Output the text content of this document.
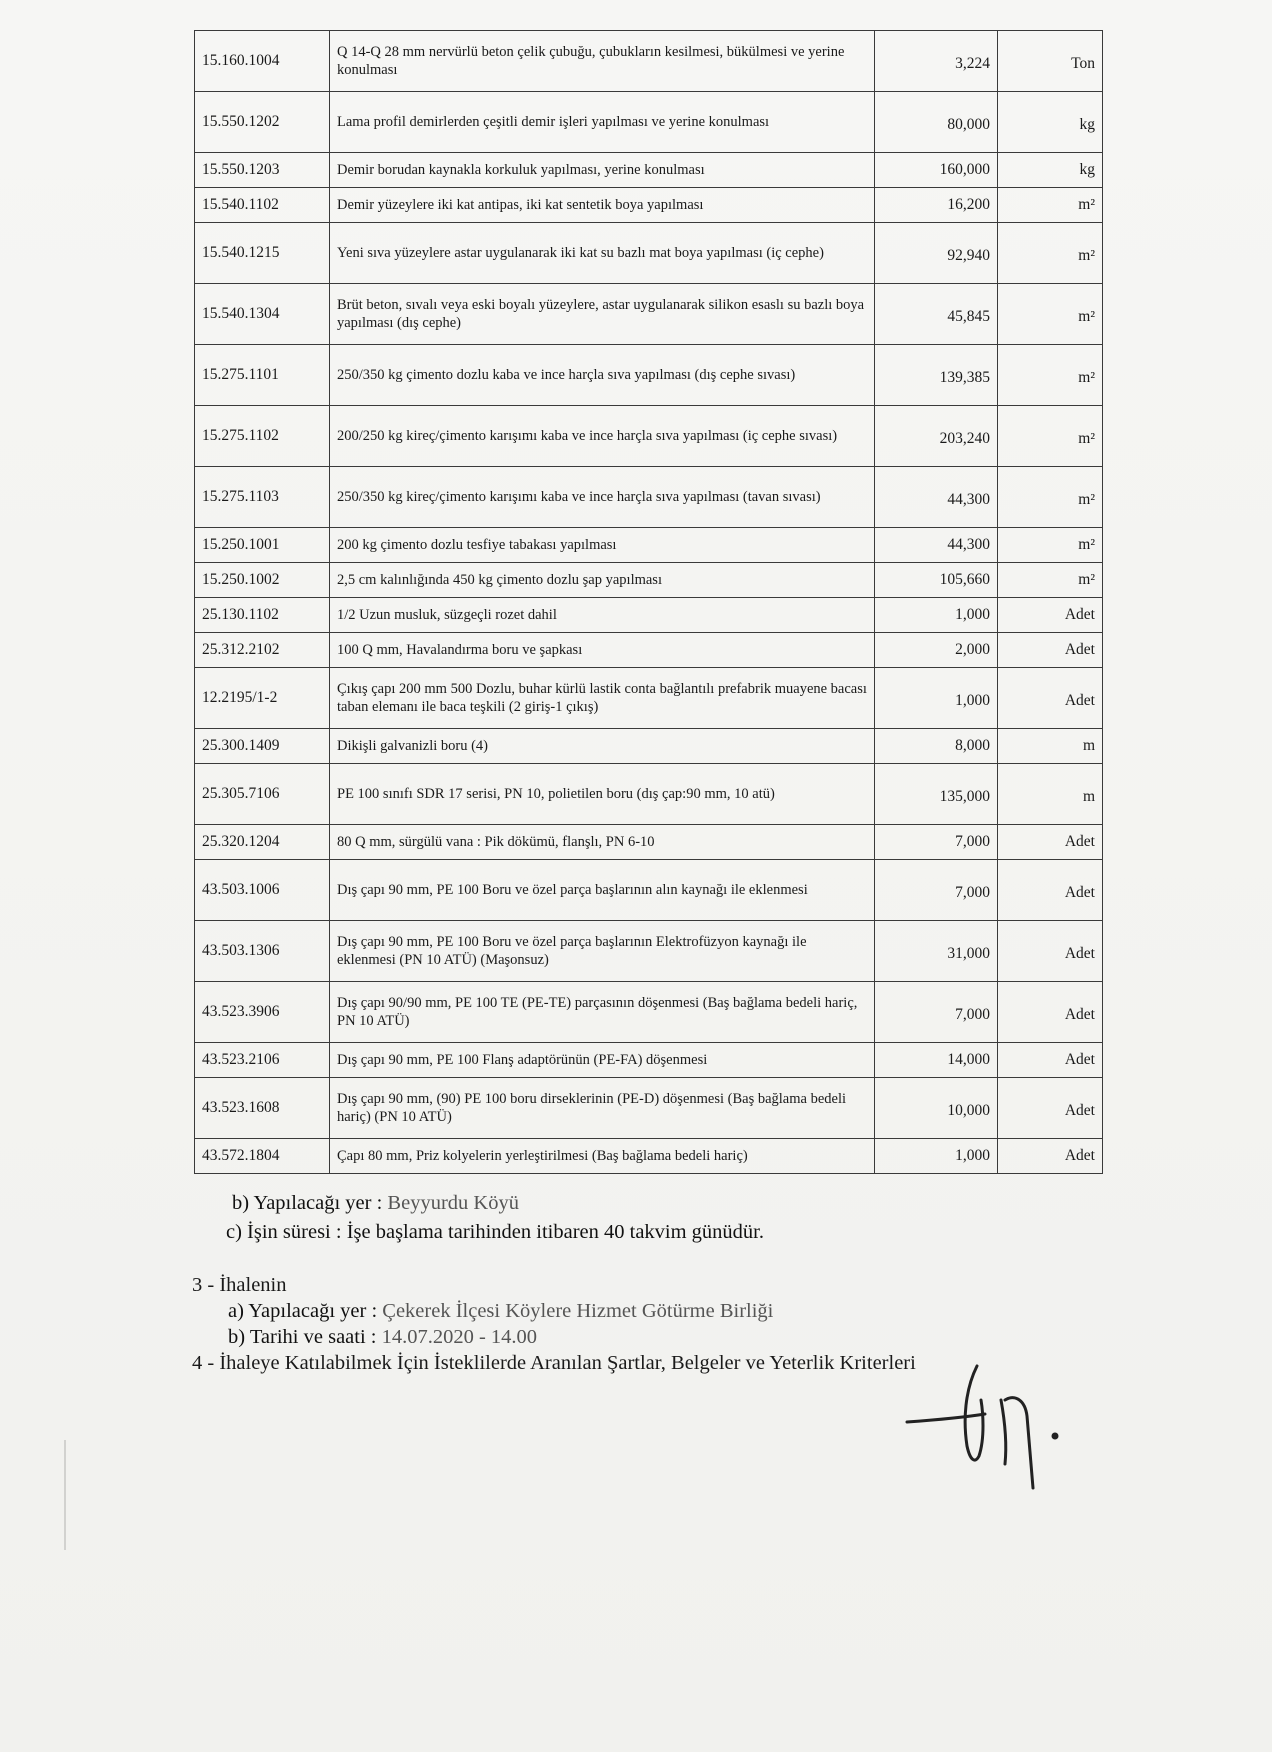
15.160.1004	Q 14-Q 28 mm nervürlü beton çelik çubuğu, çubukların kesilmesi, bükülmesi ve yerine konulması	3,224	Ton
15.550.1202	Lama profil demirlerden çeşitli demir işleri yapılması ve yerine konulması	80,000	kg
15.550.1203	Demir borudan kaynakla korkuluk yapılması, yerine konulması	160,000	kg
15.540.1102	Demir yüzeylere iki kat antipas, iki kat sentetik boya yapılması	16,200	m²
15.540.1215	Yeni sıva yüzeylere astar uygulanarak iki kat su bazlı mat boya yapılması (iç cephe)	92,940	m²
15.540.1304	Brüt beton, sıvalı veya eski boyalı yüzeylere, astar uygulanarak silikon esaslı su bazlı boya yapılması (dış cephe)	45,845	m²
15.275.1101	250/350 kg çimento dozlu kaba ve ince harçla sıva yapılması (dış cephe sıvası)	139,385	m²
15.275.1102	200/250 kg kireç/çimento karışımı kaba ve ince harçla sıva yapılması (iç cephe sıvası)	203,240	m²
15.275.1103	250/350 kg kireç/çimento karışımı kaba ve ince harçla sıva yapılması (tavan sıvası)	44,300	m²
15.250.1001	200 kg çimento dozlu tesfiye tabakası yapılması	44,300	m²
15.250.1002	2,5 cm kalınlığında 450 kg çimento dozlu şap yapılması	105,660	m²
25.130.1102	1/2 Uzun musluk, süzgeçli rozet dahil	1,000	Adet
25.312.2102	100 Q mm, Havalandırma boru ve şapkası	2,000	Adet
12.2195/1-2	Çıkış çapı 200 mm 500 Dozlu, buhar kürlü lastik conta bağlantılı prefabrik muayene bacası taban elemanı ile baca teşkili (2 giriş-1 çıkış)	1,000	Adet
25.300.1409	Dikişli galvanizli boru (4)	8,000	m
25.305.7106	PE 100 sınıfı SDR 17 serisi, PN 10, polietilen boru (dış çap:90 mm, 10 atü)	135,000	m
25.320.1204	80 Q mm, sürgülü vana : Pik dökümü, flanşlı, PN 6-10	7,000	Adet
43.503.1006	Dış çapı 90 mm, PE 100 Boru ve özel parça başlarının alın kaynağı ile eklenmesi	7,000	Adet
43.503.1306	Dış çapı 90 mm, PE 100 Boru ve özel parça başlarının Elektrofüzyon kaynağı ile eklenmesi (PN 10 ATÜ) (Maşonsuz)	31,000	Adet
43.523.3906	Dış çapı 90/90 mm, PE 100 TE (PE-TE) parçasının döşenmesi (Baş bağlama bedeli hariç, PN 10 ATÜ)	7,000	Adet
43.523.2106	Dış çapı 90 mm, PE 100 Flanş adaptörünün (PE-FA) döşenmesi	14,000	Adet
43.523.1608	Dış çapı 90 mm, (90) PE 100 boru dirseklerinin (PE-D) döşenmesi (Baş bağlama bedeli hariç) (PN 10 ATÜ)	10,000	Adet
43.572.1804	Çapı 80 mm, Priz kolyelerin yerleştirilmesi (Baş bağlama bedeli hariç)	1,000	Adet
b) Yapılacağı yer : Beyyurdu Köyü
c) İşin süresi : İşe başlama tarihinden itibaren 40 takvim günüdür.
3 - İhalenin
a) Yapılacağı yer : Çekerek İlçesi Köylere Hizmet Götürme Birliği
b) Tarihi ve saati : 14.07.2020 - 14.00
4 - İhaleye Katılabilmek İçin İsteklilerde Aranılan Şartlar, Belgeler ve Yeterlik Kriterleri
